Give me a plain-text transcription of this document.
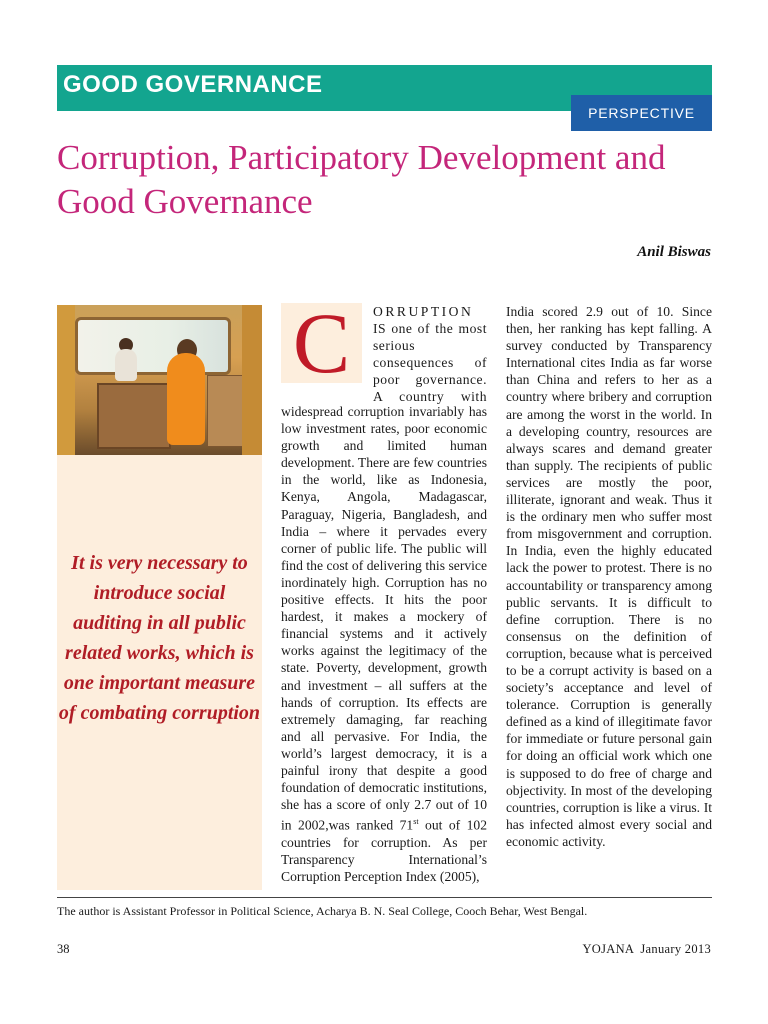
GOOD GOVERNANCE
PERSPECTIVE
Corruption, Participatory Development and Good Governance
Anil Biswas

It is very necessary to introduce social auditing in all public related works, which is one important measure of combating corruption

C	ORRUPTION IS one of the most serious consequences of poor governance. A country with

widespread corruption invariably has low investment rates, poor economic growth and limited human development. There are few countries in the world, like as Indonesia, Kenya, Angola, Madagascar, Paraguay, Nigeria, Bangladesh, and India – where it pervades every corner of public life. The public will find the cost of delivering this service inordinately high. Corruption has no positive effects. It hits the poor hardest, it makes a mockery of financial systems and it actively works against the legitimacy of the state. Poverty, development, growth and investment – all suffers at the hands of corruption. Its effects are extremely damaging, far reaching and all pervasive. For India, the world’s largest democracy, it is a painful irony that despite a good foundation of democratic institutions, she has a score of only 2.7 out of 10 in 2002,was ranked 71st out of 102 countries for corruption. As per Transparency International’s Corruption Perception Index (2005),

India scored 2.9 out of 10. Since then, her ranking has kept falling. A survey conducted by Transparency International cites India as far worse than China and refers to her as a country where bribery and corruption are among the worst in the world. In a developing country, resources are always scares and demand greater than supply. The recipients of public services are mostly the poor, illiterate, ignorant and weak. Thus it is the ordinary men who suffer most from misgovernment and corruption. In India, even the highly educated lack the power to protest. There is no accountability or transparency among public servants. It is difficult to define corruption. There is no consensus on the definition of corruption, because what is perceived to be a corrupt activity is based on a society’s acceptance and level of tolerance. Corruption is generally defined as a kind of illegitimate favor for immediate or future personal gain for doing an official work which one is supposed to do free of charge and objectivity. In most of the developing countries, corruption is like a virus. It has infected almost every social and economic activity.

The author is Assistant Professor in Political Science, Acharya B. N. Seal College, Cooch Behar, West Bengal.
38	YOJANA  January 2013
